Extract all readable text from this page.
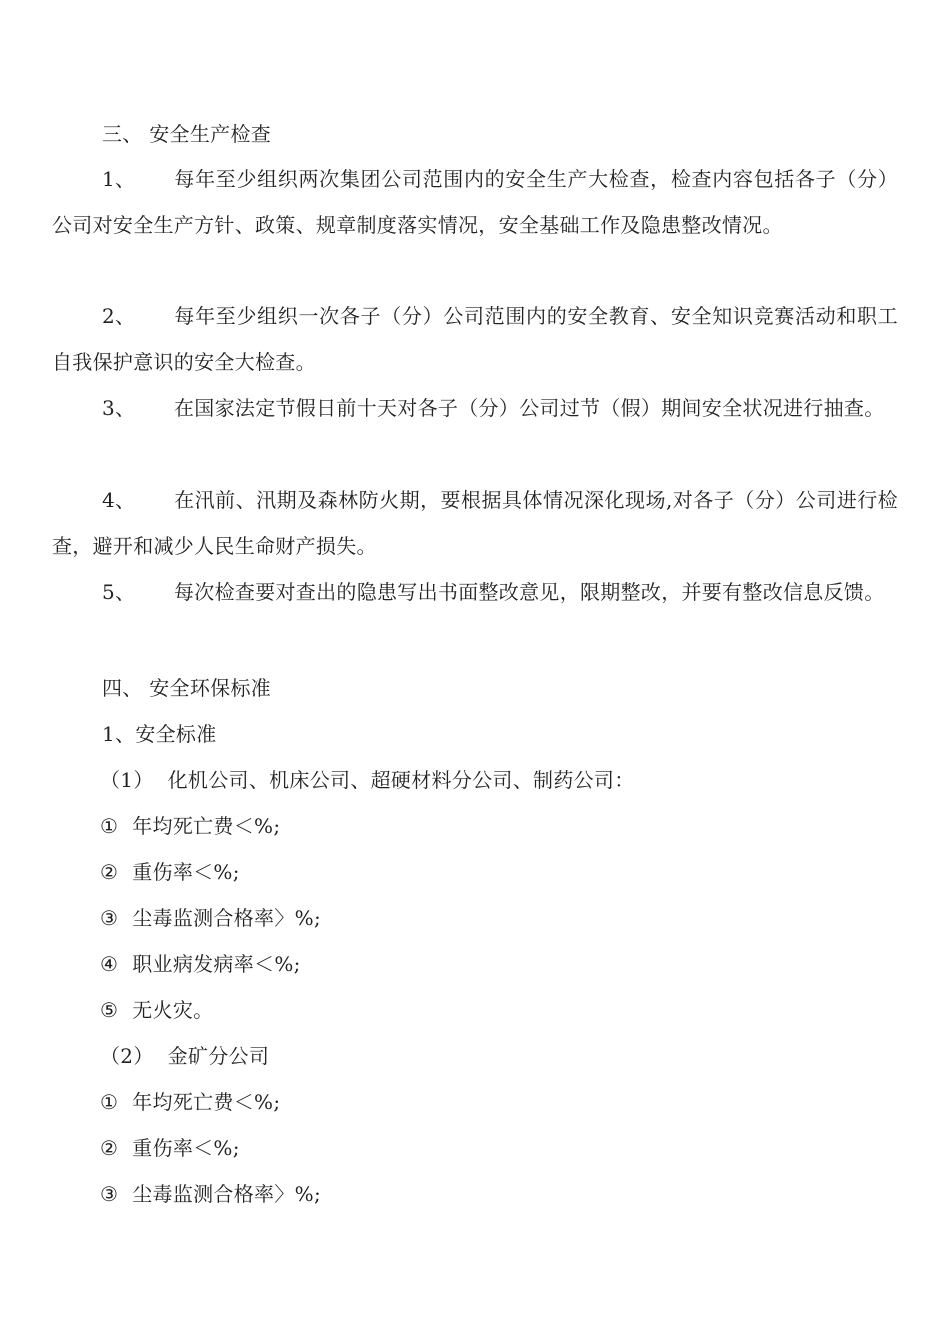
三、 安全生产检查
1、 每年至少组织两次集团公司范围内的安全生产大检查，检查内容包括各子（分）公司对安全生产方针、政策、规章制度落实情况，安全基础工作及隐患整改情况。
2、 每年至少组织一次各子（分）公司范围内的安全教育、安全知识竞赛活动和职工自我保护意识的安全大检查。
3、 在国家法定节假日前十天对各子（分）公司过节（假）期间安全状况进行抽查。
4、 在汛前、汛期及森林防火期，要根据具体情况深化现场,对各子（分）公司进行检查，避开和减少人民生命财产损失。
5、 每次检查要对查出的隐患写出书面整改意见，限期整改，并要有整改信息反馈。
四、 安全环保标准
1、安全标准
（1） 化机公司、机床公司、超硬材料分公司、制药公司：
① 年均死亡费＜%;
② 重伤率＜%;
③ 尘毒监测合格率〉%;
④ 职业病发病率＜%;
⑤ 无火灾。
（2） 金矿分公司
① 年均死亡费＜%;
② 重伤率＜%;
③ 尘毒监测合格率〉%;
